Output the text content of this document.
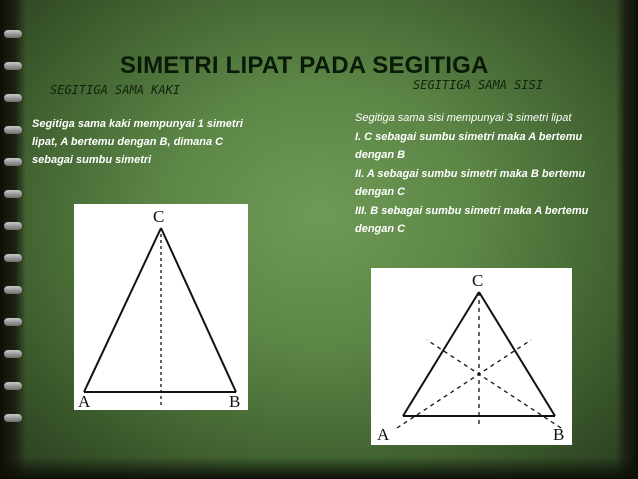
SIMETRI LIPAT PADA SEGITIGA
SEGITIGA SAMA KAKI	SEGITIGA SAMA SISI
Segitiga sama kaki mempunyai 1 simetri lipat, A bertemu dengan B, dimana C sebagai sumbu simetri
Segitiga sama sisi mempunyai 3 simetri lipat
I. C sebagai sumbu simetri maka A bertemu dengan B
II. A sebagai sumbu simetri maka B bertemu dengan C
III. B sebagai sumbu simetri maka A bertemu dengan C
C
A	B
C
A	B
